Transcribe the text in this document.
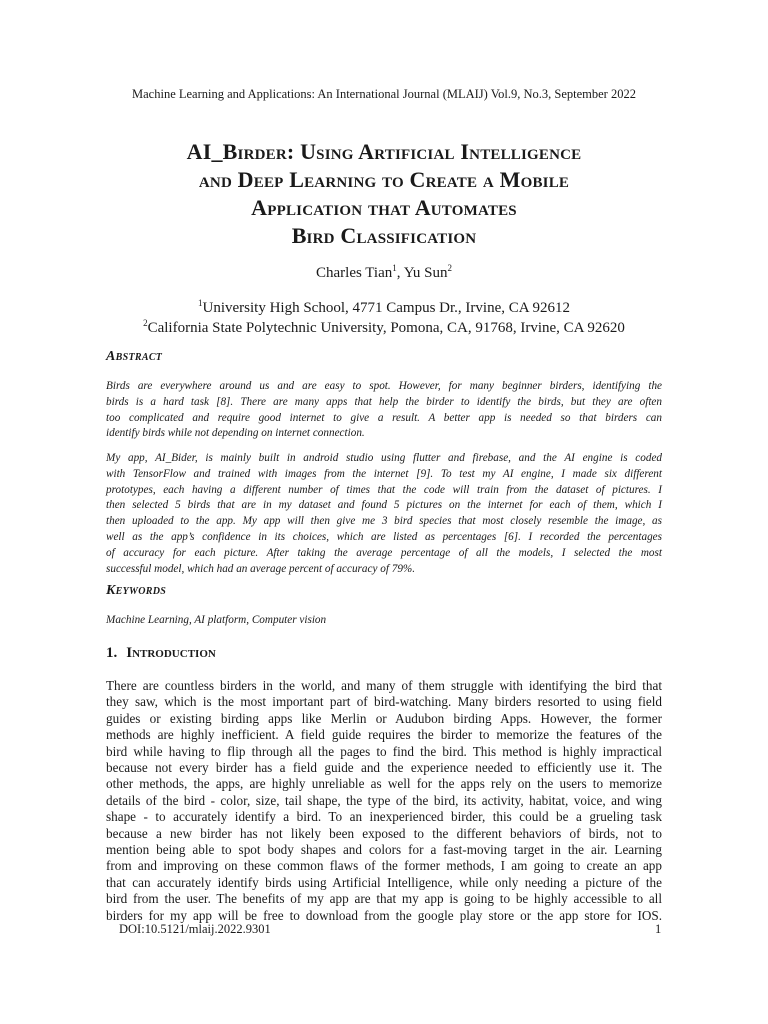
Machine Learning and Applications: An International Journal (MLAIJ) Vol.9, No.3, September 2022
AI_Birder: Using Artificial Intelligence
and Deep Learning to Create a Mobile
Application that Automates
Bird Classification
Charles Tian$^1$, Yu Sun$^2$
$^1$University High School, 4771 Campus Dr., Irvine, CA 92612
$^2$California State Polytechnic University, Pomona, CA, 91768, Irvine, CA 92620
Abstract
Birds are everywhere around us and are easy to spot. However, for many beginner birders, identifying the
birds is a hard task [8]. There are many apps that help the birder to identify the birds, but they are often
too complicated and require good internet to give a result. A better app is needed so that birders can
identify birds while not depending on internet connection.
My app, AI_Bider, is mainly built in android studio using flutter and firebase, and the AI engine is coded
with TensorFlow and trained with images from the internet [9]. To test my AI engine, I made six different
prototypes, each having a different number of times that the code will train from the dataset of pictures. I
then selected 5 birds that are in my dataset and found 5 pictures on the internet for each of them, which I
then uploaded to the app. My app will then give me 3 bird species that most closely resemble the image, as
well as the app’s confidence in its choices, which are listed as percentages [6]. I recorded the percentages
of accuracy for each picture. After taking the average percentage of all the models, I selected the most
successful model, which had an average percent of accuracy of 79%.
Keywords
Machine Learning, AI platform, Computer vision
1. Introduction
There are countless birders in the world, and many of them struggle with identifying the bird that
they saw, which is the most important part of bird-watching. Many birders resorted to using field
guides or existing birding apps like Merlin or Audubon birding Apps. However, the former
methods are highly inefficient. A field guide requires the birder to memorize the features of the
bird while having to flip through all the pages to find the bird. This method is highly impractical
because not every birder has a field guide and the experience needed to efficiently use it. The
other methods, the apps, are highly unreliable as well for the apps rely on the users to memorize
details of the bird - color, size, tail shape, the type of the bird, its activity, habitat, voice, and wing
shape - to accurately identify a bird. To an inexperienced birder, this could be a grueling task
because a new birder has not likely been exposed to the different behaviors of birds, not to
mention being able to spot body shapes and colors for a fast-moving target in the air. Learning
from and improving on these common flaws of the former methods, I am going to create an app
that can accurately identify birds using Artificial Intelligence, while only needing a picture of the
bird from the user. The benefits of my app are that my app is going to be highly accessible to all
birders for my app will be free to download from the google play store or the app store for IOS.
DOI:10.5121/mlaij.2022.9301	1
